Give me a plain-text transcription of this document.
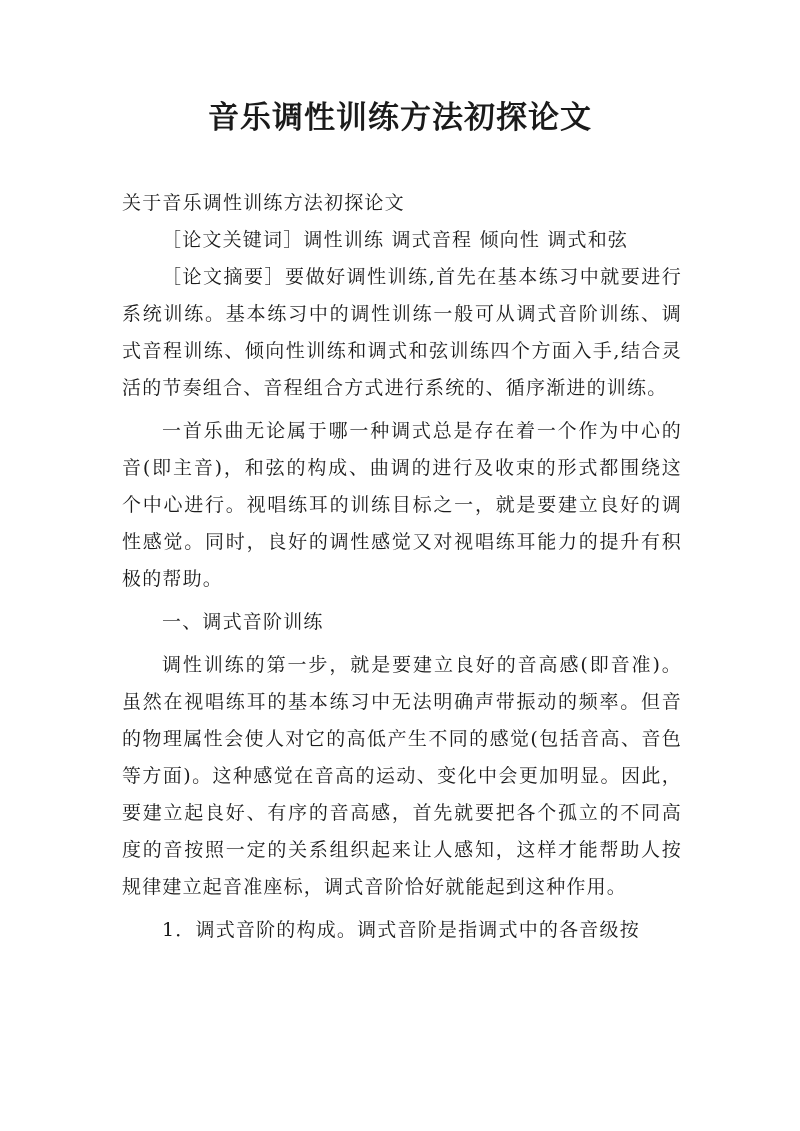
音乐调性训练方法初探论文

关于音乐调性训练方法初探论文

［论文关键词］调性训练 调式音程 倾向性 调式和弦

［论文摘要］要做好调性训练,首先在基本练习中就要进行系统训练。基本练习中的调性训练一般可从调式音阶训练、调式音程训练、倾向性训练和调式和弦训练四个方面入手,结合灵活的节奏组合、音程组合方式进行系统的、循序渐进的训练。

一首乐曲无论属于哪一种调式总是存在着一个作为中心的音(即主音)，和弦的构成、曲调的进行及收束的形式都围绕这个中心进行。视唱练耳的训练目标之一，就是要建立良好的调性感觉。同时，良好的调性感觉又对视唱练耳能力的提升有积极的帮助。

一、调式音阶训练

调性训练的第一步，就是要建立良好的音高感(即音准)。虽然在视唱练耳的基本练习中无法明确声带振动的频率。但音的物理属性会使人对它的高低产生不同的感觉(包括音高、音色等方面)。这种感觉在音高的运动、变化中会更加明显。因此，要建立起良好、有序的音高感，首先就要把各个孤立的不同高度的音按照一定的关系组织起来让人感知，这样才能帮助人按规律建立起音准座标，调式音阶恰好就能起到这种作用。

1．调式音阶的构成。调式音阶是指调式中的各音级按
